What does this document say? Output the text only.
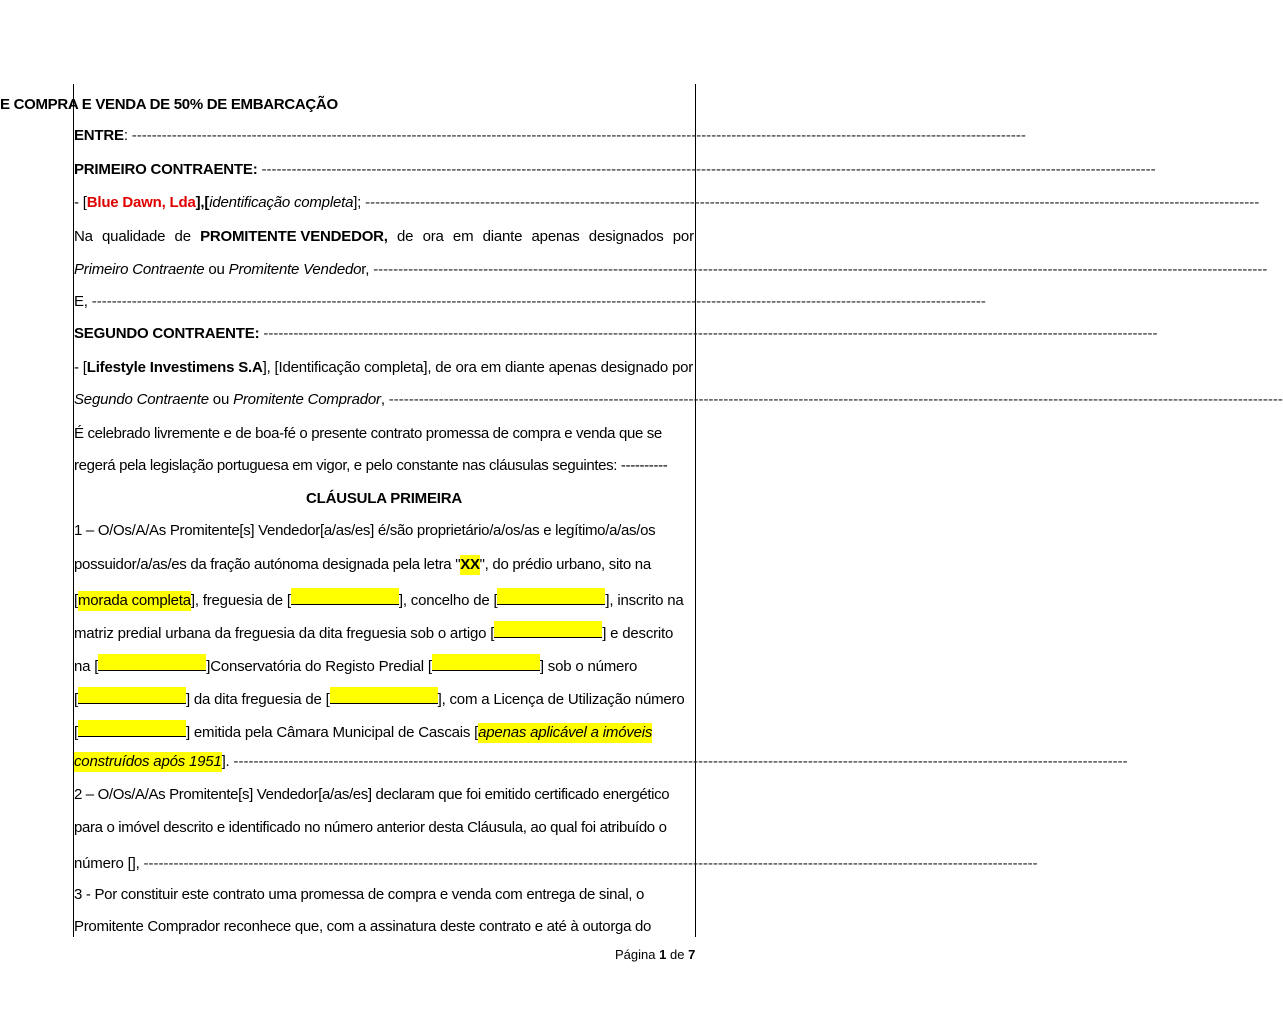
E COMPRA E VENDA DE 50% DE EMBARCAÇÃO
ENTRE :
-----------------------------------------------------------------------------------------------------------------------------------------------------------------------------------
PRIMEIRO CONTRAENTE:
-----------------------------------------------------------------------------------------------------------------------------------------------------------------------------------
- [ Blue Dawn, Lda ],[ identificação completa ];
-----------------------------------------------------------------------------------------------------------------------------------------------------------------------------------
Na qualidade de PROMITENTE VENDEDOR, de ora em diante apenas designados por
Primeiro Contraente ou Promitente Vendedo r, -----------------------------------------------------------------------------------------------------------------------------------------------------------------------------------
E, -----------------------------------------------------------------------------------------------------------------------------------------------------------------------------------
SEGUNDO CONTRAENTE:
-----------------------------------------------------------------------------------------------------------------------------------------------------------------------------------
- [ Lifestyle Investimens S.A ], [Identificação completa], de ora em diante apenas designado por
Segundo Contraente ou Promitente Comprador , -----------------------------------------------------------------------------------------------------------------------------------------------------------------------------------
É celebrado livremente e de boa-fé o presente contrato promessa de compra e venda que se
regerá pela legislação portuguesa em vigor, e pelo constante nas cláusulas seguintes: ----------
CLÁUSULA PRIMEIRA
1 – O/Os/A/As Promitente[s] Vendedor[a/as/es] é/são proprietário/a/os/as e legítimo/a/as/os
possuidor/a/as/es da fração autónoma designada pela letra " XX ", do prédio urbano, sito na
[ morada completa ], freguesia de [	], concelho de [	], inscrito na
matriz predial urbana da freguesia da dita freguesia sob o artigo [	] e descrito
na [	]Conservatória do Registo Predial [	] sob o número
[	] da dita freguesia de [	], com a Licença de Utilização número
[	] emitida pela Câmara Municipal de Cascais [ apenas aplicável a imóveis
construídos após 1951 ]. -----------------------------------------------------------------------------------------------------------------------------------------------------------------------------------
2 – O/Os/A/As Promitente[s] Vendedor[a/as/es] declaram que foi emitido certificado energético
para o imóvel descrito e identificado no número anterior desta Cláusula, ao qual foi atribuído o
número [ ], -----------------------------------------------------------------------------------------------------------------------------------------------------------------------------------
3 - Por constituir este contrato uma promessa de compra e venda com entrega de sinal, o
Promitente Comprador reconhece que, com a assinatura deste contrato e até à outorga do
Página 1 de 7
